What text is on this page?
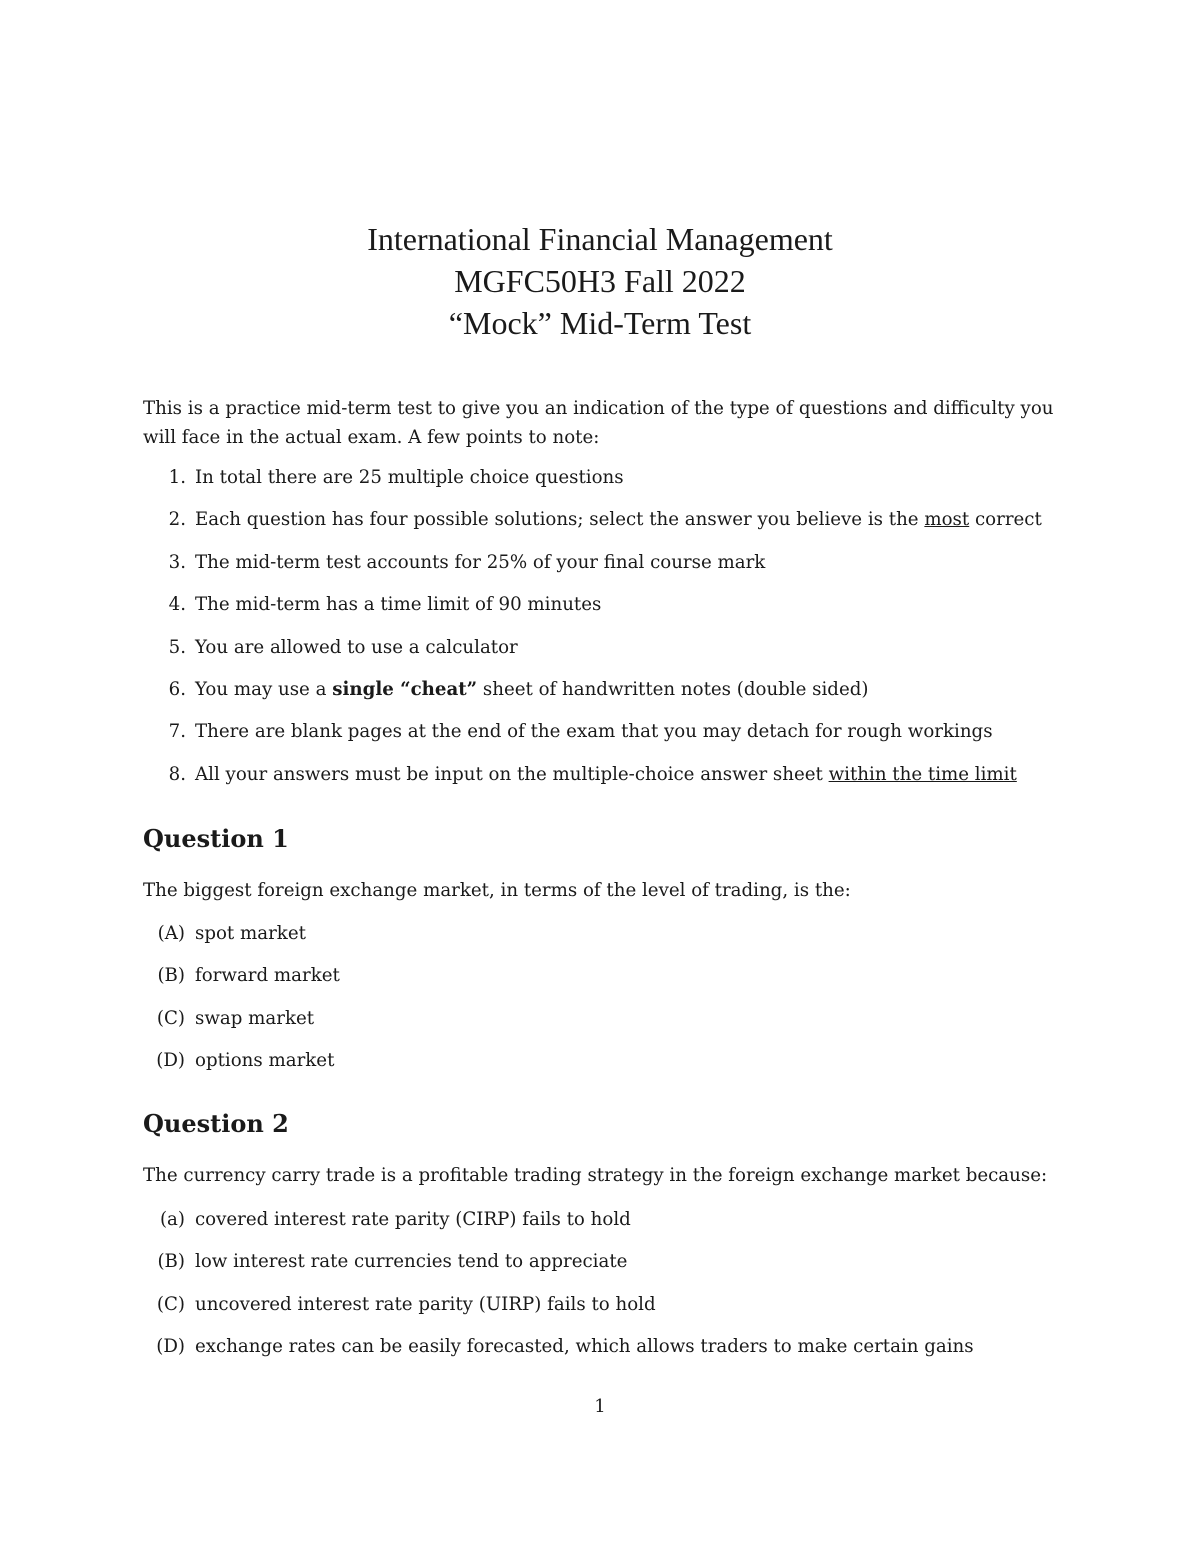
International Financial Management
MGFC50H3 Fall 2022
“Mock” Mid-Term Test
This is a practice mid-term test to give you an indication of the type of questions and difficulty you will face in the actual exam. A few points to note:
1. In total there are 25 multiple choice questions
2. Each question has four possible solutions; select the answer you believe is the most correct
3. The mid-term test accounts for 25% of your final course mark
4. The mid-term has a time limit of 90 minutes
5. You are allowed to use a calculator
6. You may use a single “cheat” sheet of handwritten notes (double sided)
7. There are blank pages at the end of the exam that you may detach for rough workings
8. All your answers must be input on the multiple-choice answer sheet within the time limit
Question 1
The biggest foreign exchange market, in terms of the level of trading, is the:
(A) spot market
(B) forward market
(C) swap market
(D) options market
Question 2
The currency carry trade is a profitable trading strategy in the foreign exchange market because:
(a) covered interest rate parity (CIRP) fails to hold
(B) low interest rate currencies tend to appreciate
(C) uncovered interest rate parity (UIRP) fails to hold
(D) exchange rates can be easily forecasted, which allows traders to make certain gains
1
